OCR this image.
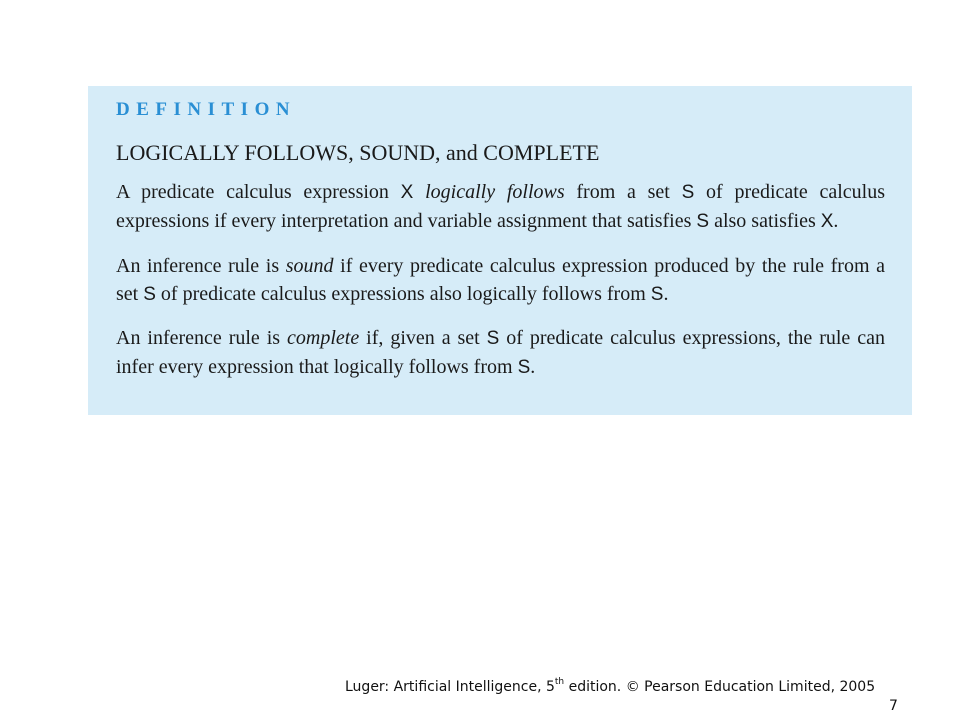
DEFINITION
LOGICALLY FOLLOWS, SOUND, and COMPLETE

A predicate calculus expression X logically follows from a set S of predicate calculus expressions if every interpretation and variable assignment that satisfies S also satisfies X.

An inference rule is sound if every predicate calculus expression produced by the rule from a set S of predicate calculus expressions also logically follows from S.

An inference rule is complete if, given a set S of predicate calculus expressions, the rule can infer every expression that logically follows from S.

Luger: Artificial Intelligence, 5th edition. © Pearson Education Limited, 2005
7
